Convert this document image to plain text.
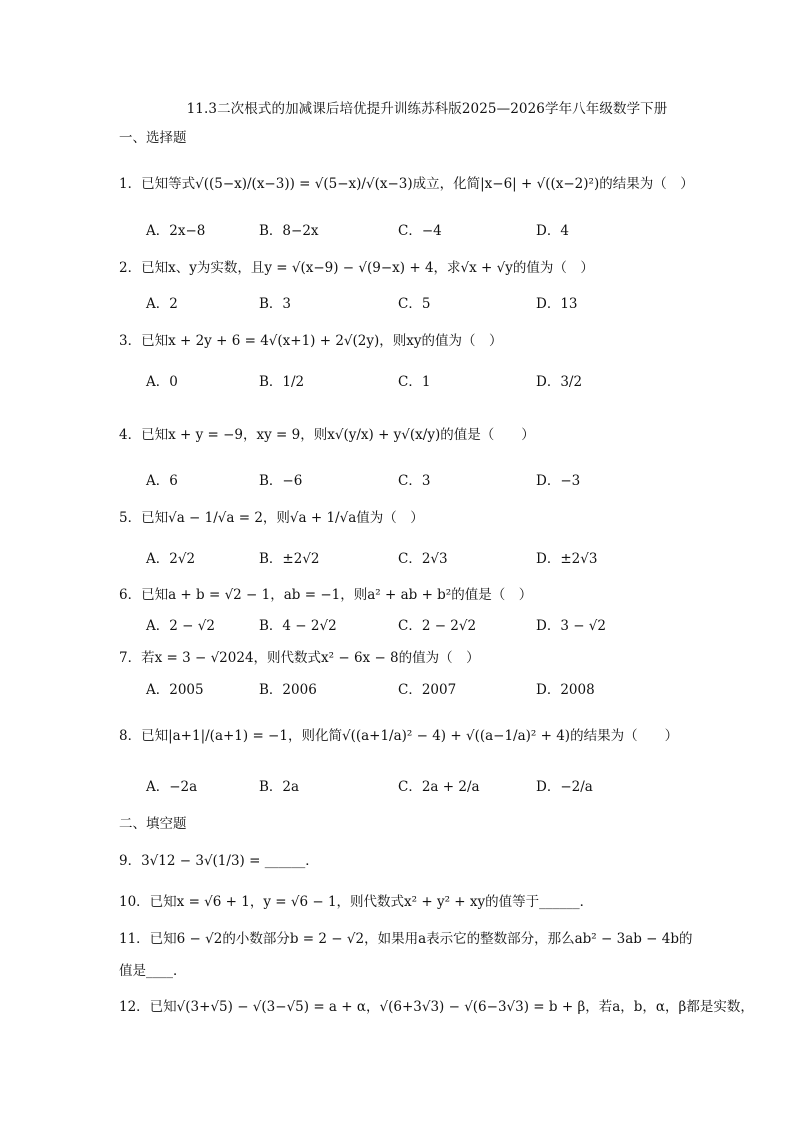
11.3二次根式的加减课后培优提升训练苏科版2025—2026学年八年级数学下册
一、选择题
1．已知等式√((5−x)/(x−3)) = √(5−x)/√(x−3)成立，化简|x−6| + √((x−2)²)的结果为（　）
A．2x−8	B．8−2x	C．−4	D．4
2．已知x、y为实数，且y = √(x−9) − √(9−x) + 4，求√x + √y的值为（　）
A．2	B．3	C．5	D．13
3．已知x + 2y + 6 = 4√(x+1) + 2√(2y)，则xy的值为（　）
A．0	B．1/2	C．1	D．3/2
4．已知x + y = −9，xy = 9，则x√(y/x) + y√(x/y)的值是（　　）
A．6	B．−6	C．3	D．−3
5．已知√a − 1/√a = 2，则√a + 1/√a值为（　）
A．2√2	B．±2√2	C．2√3	D．±2√3
6．已知a + b = √2 − 1，ab = −1，则a² + ab + b²的值是（　）
A．2 − √2	B．4 − 2√2	C．2 − 2√2	D．3 − √2
7．若x = 3 − √2024，则代数式x² − 6x − 8的值为（　）
A．2005	B．2006	C．2007	D．2008
8．已知|a+1|/(a+1) = −1，则化简√((a+1/a)² − 4) + √((a−1/a)² + 4)的结果为（　　）
A．−2a	B．2a	C．2a + 2/a	D．−2/a
二、填空题
9．3√12 − 3√(1/3) = ______．
10．已知x = √6 + 1，y = √6 − 1，则代数式x² + y² + xy的值等于______．
11．已知6 − √2的小数部分b = 2 − √2，如果用a表示它的整数部分，那么ab² − 3ab − 4b的
值是____．
12．已知√(3+√5) − √(3−√5) = a + α，√(6+3√3) − √(6−3√3) = b + β，若a，b，α，β都是实数，
